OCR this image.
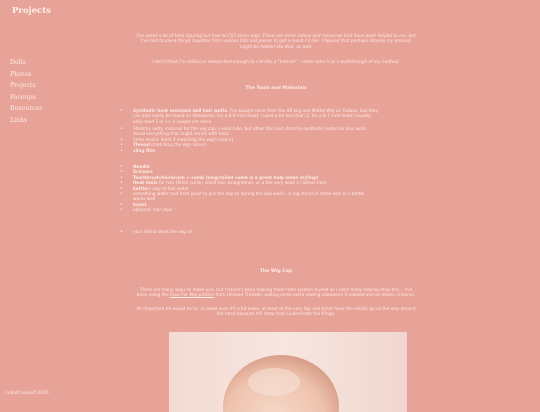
Projects
Dolls
Photos
Projects
Faceups
Resources
Links
CobaltCoolsoft 2026

I've spent a lot of time figuring out how to CSY seam wigs. There are some videos and resources that have been helpful to me, but
I've had to piece things together from various bits and pieces to get a result I'd like. I figured that perhaps sharing my process
might be helpful like that, as well.

I don't think I'm skilled or researched enough to call this a "tutorial" - rather take it as a walkthrough of my method.

The Tools and Materials
• Synthetic heat resistant doll hair wefts. I've bought mine from Yan 80 wig and Mattel Wig on Taobao, but they
can also easily be found on Aliexpress. For a 8-9 inch head, I used a bit less than 2, for a 6-7 inch head I usually
only need 1 or 1+ a couple cm extra.
• Stretchy netty material for the wig cap. I used tulle, but other thin and stretchy synthetic materials also work.
Avoid everything that might shrink with heat.
• 5mm elastic (best if matching the wig's colour)
• Thread (matching the wig colour)
• cling film
• Needle
• Scissors
• Toothbrush/hairbrush + comb (long-tailed comb is a great help when styling)
• Heat tools for hair (6mm curler, small hair straightener, or a the very least a clothes iron)
• kettle/a way to boil water
• something water and heat proof to put the wig on during the boil wash - a wig stand of some sort or a bottle
works well
• towel
• optional: hair clips
• your doll to work the wig on
The Wig Cap

There are many ways to make one, but I haven't been making them from scratch myself so I can't really step-by-step this... I've
been using the Faux Fur Wig pattern from Undead Threads, adding some extra sewing allowance if needed and an elastic channel.

An important bit would be to: a) make sure it's a bit loose, at least at the very top and b)not have the elastic go all the way around
the head because it'll show from underneath the fringe.
